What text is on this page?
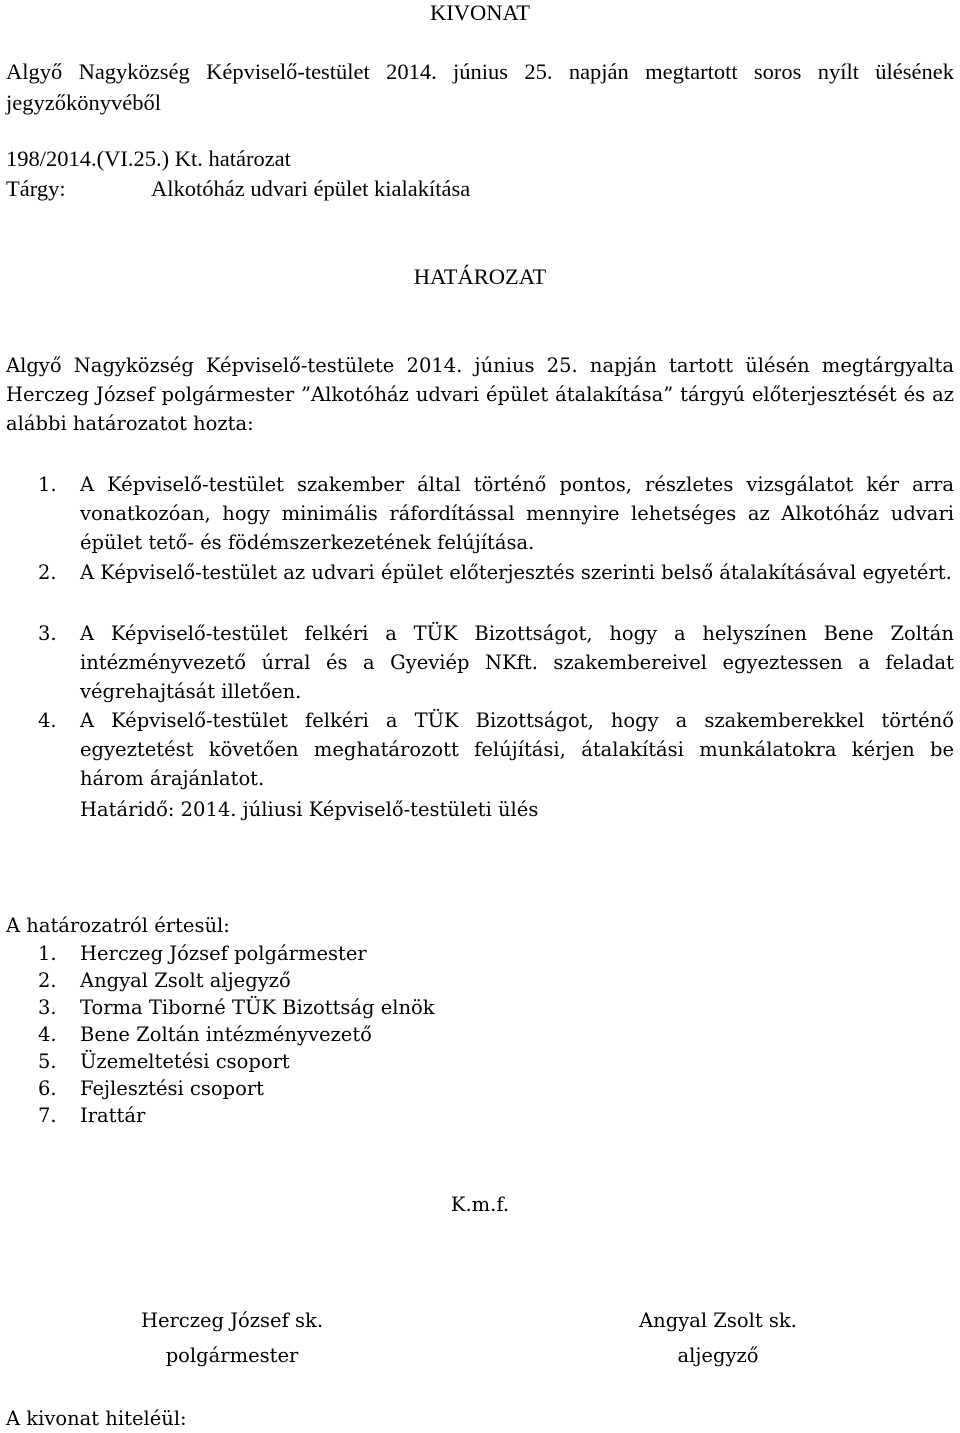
KIVONAT
Algyő Nagyközség Képviselő-testület 2014. június 25. napján megtartott soros nyílt ülésének jegyzőkönyvéből
198/2014.(VI.25.) Kt. határozat
Tárgy:	Alkotóház udvari épület kialakítása
HATÁROZAT
Algyő Nagyközség Képviselő-testülete 2014. június 25. napján tartott ülésén megtárgyalta Herczeg József polgármester ”Alkotóház udvari épület átalakítása” tárgyú előterjesztését és az alábbi határozatot hozta:
1. A Képviselő-testület szakember által történő pontos, részletes vizsgálatot kér arra vonatkozóan, hogy minimális ráfordítással mennyire lehetséges az Alkotóház udvari épület tető- és födémszerkezetének felújítása.
2. A Képviselő-testület az udvari épület előterjesztés szerinti belső átalakításával egyetért.
3. A Képviselő-testület felkéri a TÜK Bizottságot, hogy a helyszínen Bene Zoltán intézményvezető úrral és a Gyeviép NKft. szakembereivel egyeztessen a feladat végrehajtását illetően.
4. A Képviselő-testület felkéri a TÜK Bizottságot, hogy a szakemberekkel történő egyeztetést követően meghatározott felújítási, átalakítási munkálatokra kérjen be három árajánlatot.
Határidő: 2014. júliusi Képviselő-testületi ülés
A határozatról értesül:
1. Herczeg József polgármester
2. Angyal Zsolt aljegyző
3. Torma Tiborné TÜK Bizottság elnök
4. Bene Zoltán intézményvezető
5. Üzemeltetési csoport
6. Fejlesztési csoport
7. Irattár
K.m.f.
Herczeg József sk.
polgármester
Angyal Zsolt sk.
aljegyző
A kivonat hiteléül:
